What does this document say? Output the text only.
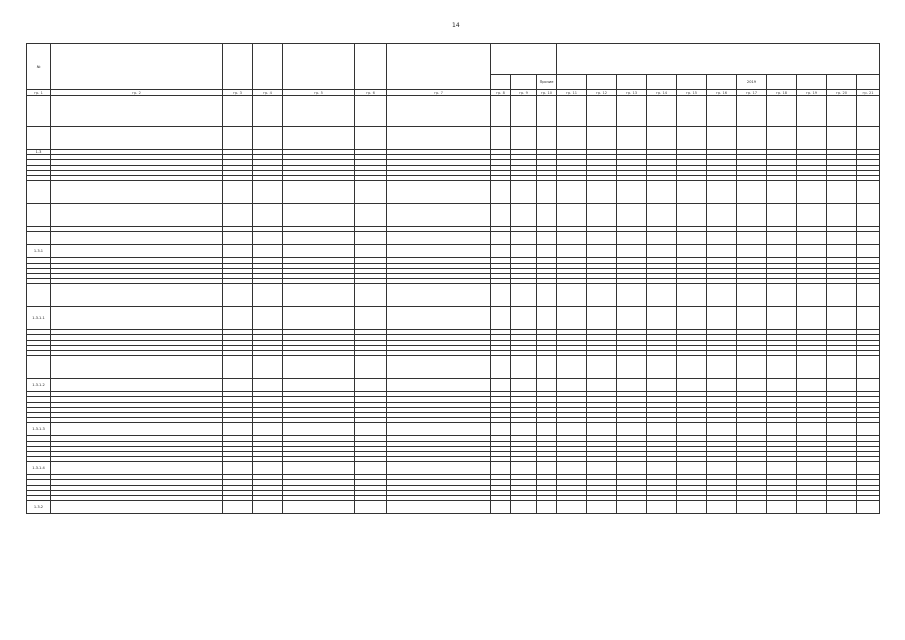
14
№																					
									Прочие							2019					
гр. 1	гр. 2	гр. 3	гр. 4	гр. 5	гр. 6	гр. 7	гр. 8	гр. 9	гр. 10	гр. 11	гр. 12	гр. 13	гр. 14	гр. 15	гр. 16	гр. 17	гр. 18	гр. 19	гр. 20	гр. 21	

1.3																					

1.3.1																					

1.3.1.1																					

1.3.1.2																					

1.3.1.3																					

1.3.1.4																					

1.3.2																					
